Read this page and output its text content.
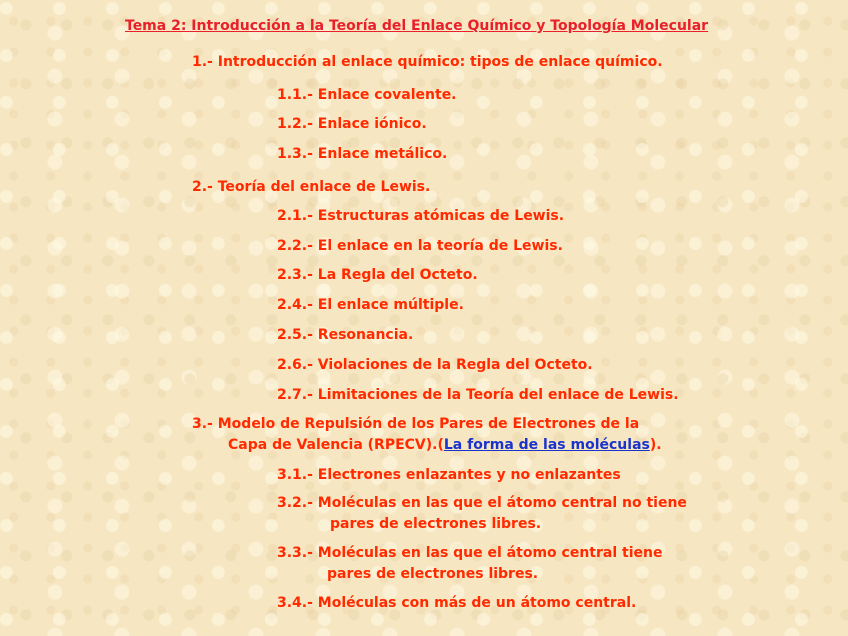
Tema 2: Introducción a la Teoría del Enlace Químico y Topología Molecular
1.- Introducción al enlace químico: tipos de enlace químico.
1.1.- Enlace covalente.
1.2.- Enlace iónico.
1.3.- Enlace metálico.
2.- Teoría del enlace de Lewis.
2.1.- Estructuras atómicas de Lewis.
2.2.- El enlace en la teoría de Lewis.
2.3.- La Regla del Octeto.
2.4.- El enlace múltiple.
2.5.- Resonancia.
2.6.- Violaciones de la Regla del Octeto.
2.7.- Limitaciones de la Teoría del enlace de Lewis.
3.- Modelo de Repulsión de los Pares de Electrones de la
Capa de Valencia (RPECV).(La forma de las moléculas).
3.1.- Electrones enlazantes y no enlazantes
3.2.- Moléculas en las que el átomo central no tiene
pares de electrones libres.
3.3.- Moléculas en las que el átomo central tiene
pares de electrones libres.
3.4.- Moléculas con más de un átomo central.
